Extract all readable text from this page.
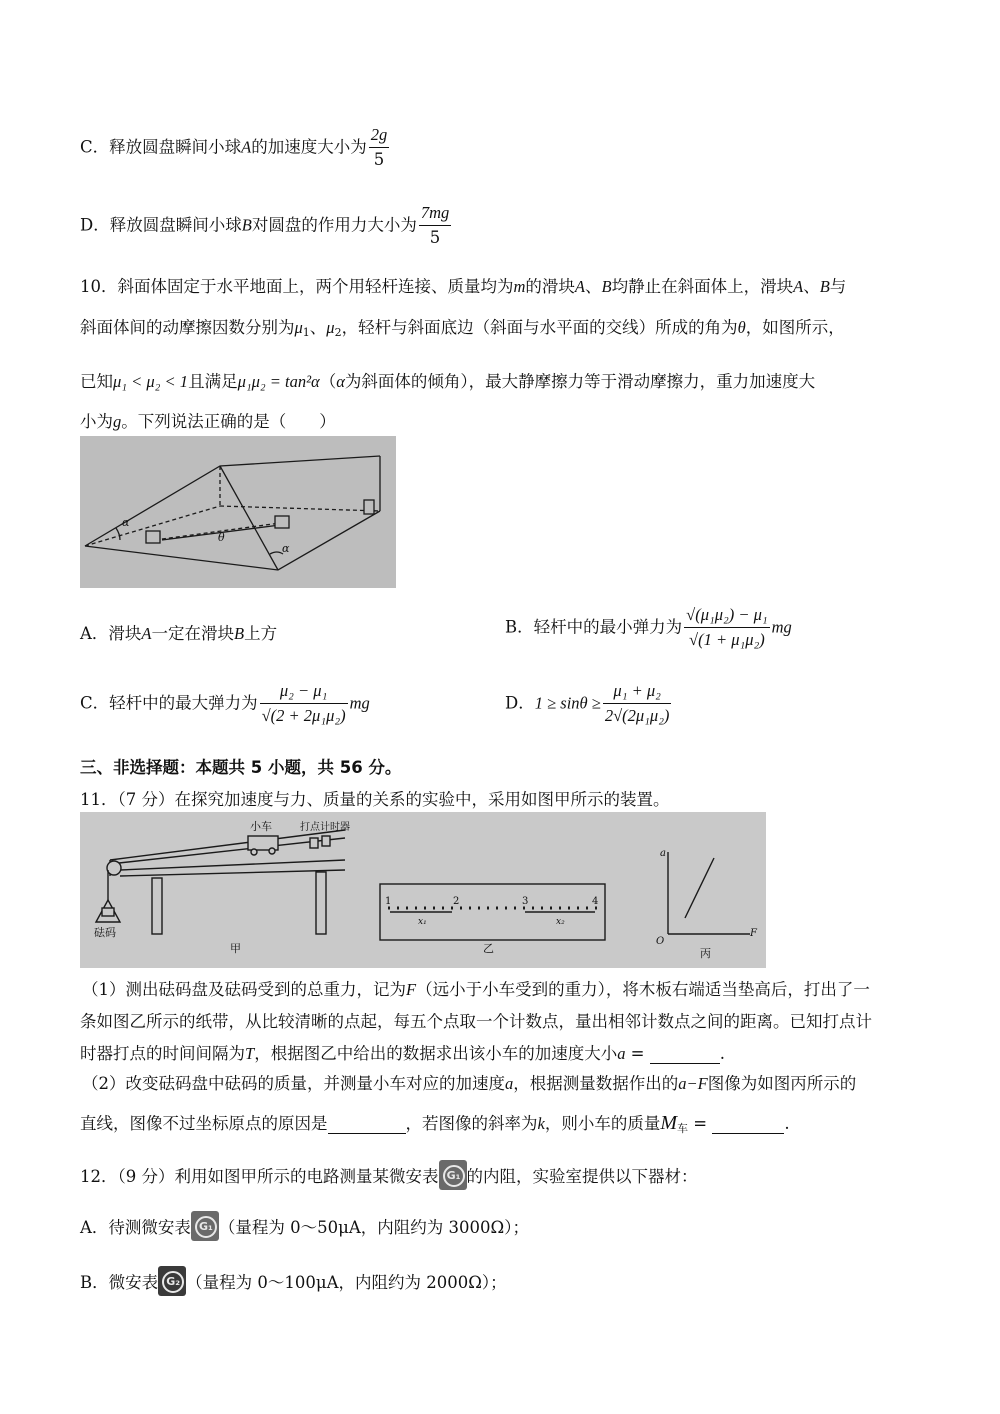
C．释放圆盘瞬间小球A的加速度大小为 $\frac{2g}{5}$
D．释放圆盘瞬间小球B对圆盘的作用力大小为 $\frac{7mg}{5}$
10．斜面体固定于水平地面上，两个用轻杆连接、质量均为m的滑块A、B均静止在斜面体上，滑块A、B与
斜面体间的动摩擦因数分别为$\mu_1$、$\mu_2$，轻杆与斜面底边（斜面与水平面的交线）所成的角为θ，如图所示，
已知μ₁ < μ₂ < 1且满足μ₁μ₂ = tan²α（α为斜面体的倾角），最大静摩擦力等于滑动摩擦力，重力加速度大
小为g。下列说法正确的是（　　）
α
θ
α
A．滑块A一定在滑块B上方	B．轻杆中的最小弹力为 $\frac{\text{√(μ₁μ₂) − μ₁}}{\text{√(1 + μ₁μ₂)}}$ mg
C．轻杆中的最大弹力为 $\frac{\text{μ₂ − μ₁}}{\text{√(2 + 2μ₁μ₂)}}$ mg	D．$1 \ge \sin\theta \ge \frac{\text{μ₁ + μ₂}}{\text{2√(2μ₁μ₂)}}$
三、非选择题：本题共 5 小题，共 56 分。
11．（7 分）在探究加速度与力、质量的关系的实验中，采用如图甲所示的装置。
小车	打点计时器
砝码
甲	乙	丙
1	2	3	4
x₁	x₂
a
F
O
（1）测出砝码盘及砝码受到的总重力，记为F（远小于小车受到的重力），将木板右端适当垫高后，打出了一
条如图乙所示的纸带，从比较清晰的点起，每五个点取一个计数点，量出相邻计数点之间的距离。已知打点计
时器打点的时间间隔为T，根据图乙中给出的数据求出该小车的加速度大小a =	.
（2）改变砝码盘中砝码的质量，并测量小车对应的加速度a，根据测量数据作出的a−F图像为如图丙所示的
直线，图像不过坐标原点的原因是	，若图像的斜率为k，则小车的质量$M_车$ =	.
12．（9 分）利用如图甲所示的电路测量某微安表 G₁ 的内阻，实验室提供以下器材：
A．待测微安表 G₁ （量程为 0～50μA，内阻约为 3000Ω）；
B．微安表 G₂ （量程为 0～100μA，内阻约为 2000Ω）；
